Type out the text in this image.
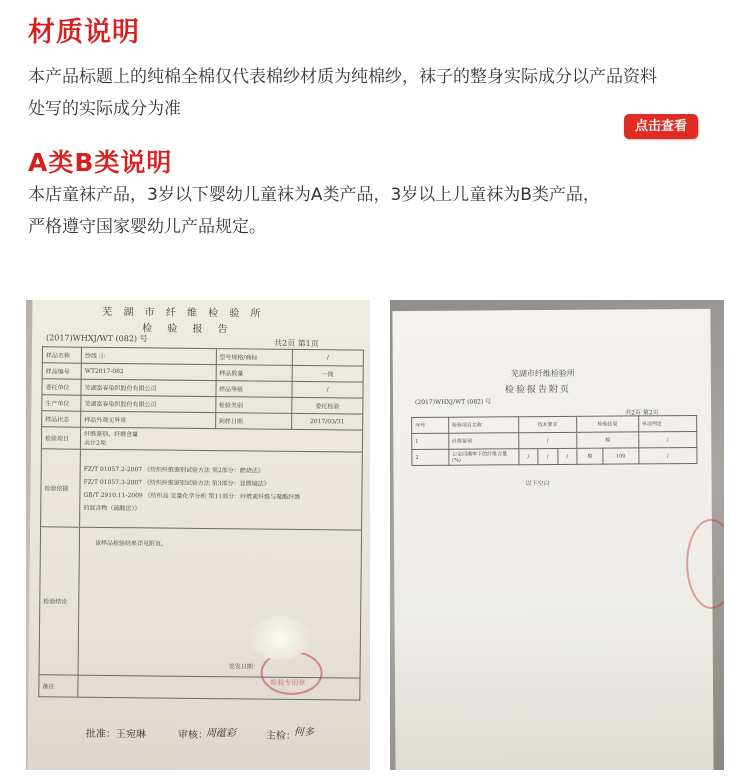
材质说明
本产品标题上的纯棉全棉仅代表棉纱材质为纯棉纱，袜子的整身实际成分以产品资料
处写的实际成分为准
点击查看
A类B类说明
本店童袜产品，3岁以下婴幼儿童袜为A类产品，3岁以上儿童袜为B类产品，
严格遵守国家婴幼儿产品规定。
芜 湖 市 纤 维 检 验 所
检 验 报 告
(2017)WHXJ/WT (082) 号
共2页 第1页
样品名称	纱线 ②	型号规格/商标	/
样品编号	WT2017-082	样品数量	一筒
委托单位	芜湖富春染织股份有限公司	样品等级	/
生产单位	芜湖富春染织股份有限公司	检验类别	委托检验
样品状态	样品外观无异常	到样日期	2017/03/31
检验项目	纤维鉴别、纤维含量
共计2项		

检验依据	FZ/T 01057.2-2007 《纺织纤维鉴别试验方法 第2部分：燃烧法》
FZ/T 01057.3-2007 《纺织纤维鉴别试验方法 第3部分：显微镜法》
GB/T 2910.11-2009 《纺织品 定量化学分析 第11部分：纤维素纤维与聚酯纤维
的混合物（硫酸法）》		

检验结论	该样品检验结果详见附页。
签发日期：		

备注				检验专用章
批准：王宛琳	审核：
周蕴彩	主检：
何多
芜湖市纤维检验所
检验报告附页
(2017)WHXJ/WT (082) 号
共2页 第2页
序号	检验项目名称	技术要求			检验结果		单项判定
1	纤维鉴别	/			棉		/
2	公定回潮率下的纤维含量 (%)	/	/	/	棉	100	/
以下空白
